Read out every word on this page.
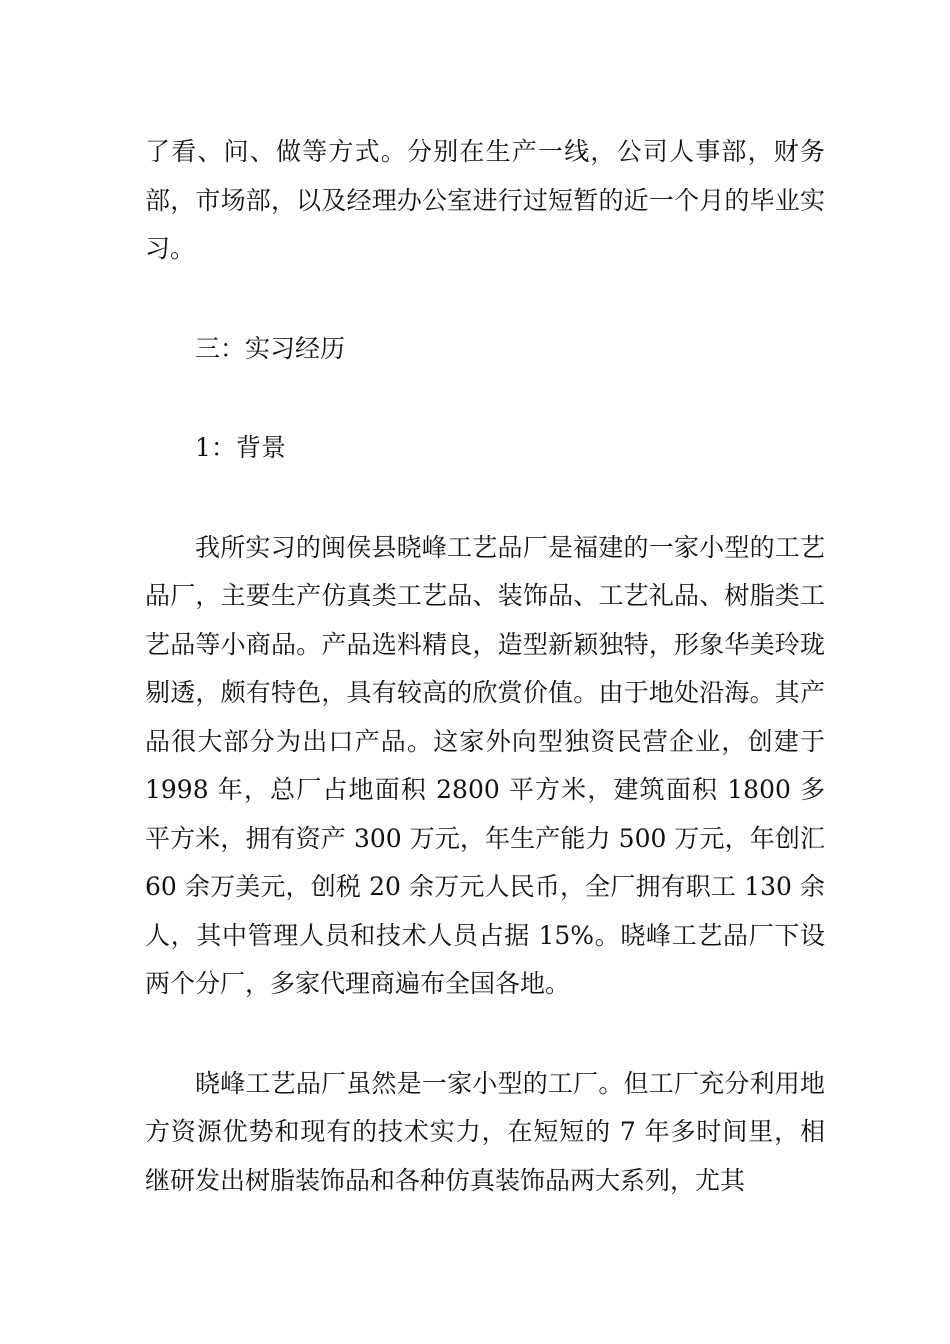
了看、问、做等方式。分别在生产一线，公司人事部，财务部，市场部，以及经理办公室进行过短暂的近一个月的毕业实习。

三：实习经历

1：背景

我所实习的闽侯县晓峰工艺品厂是福建的一家小型的工艺品厂，主要生产仿真类工艺品、装饰品、工艺礼品、树脂类工艺品等小商品。产品选料精良，造型新颖独特，形象华美玲珑剔透，颇有特色，具有较高的欣赏价值。由于地处沿海。其产品很大部分为出口产品。这家外向型独资民营企业，创建于 1998 年，总厂占地面积 2800 平方米，建筑面积 1800 多平方米，拥有资产 300 万元，年生产能力 500 万元，年创汇 60 余万美元，创税 20 余万元人民币，全厂拥有职工 130 余人，其中管理人员和技术人员占据 15%。晓峰工艺品厂下设两个分厂，多家代理商遍布全国各地。

晓峰工艺品厂虽然是一家小型的工厂。但工厂充分利用地方资源优势和现有的技术实力，在短短的 7 年多时间里，相继研发出树脂装饰品和各种仿真装饰品两大系列，尤其
